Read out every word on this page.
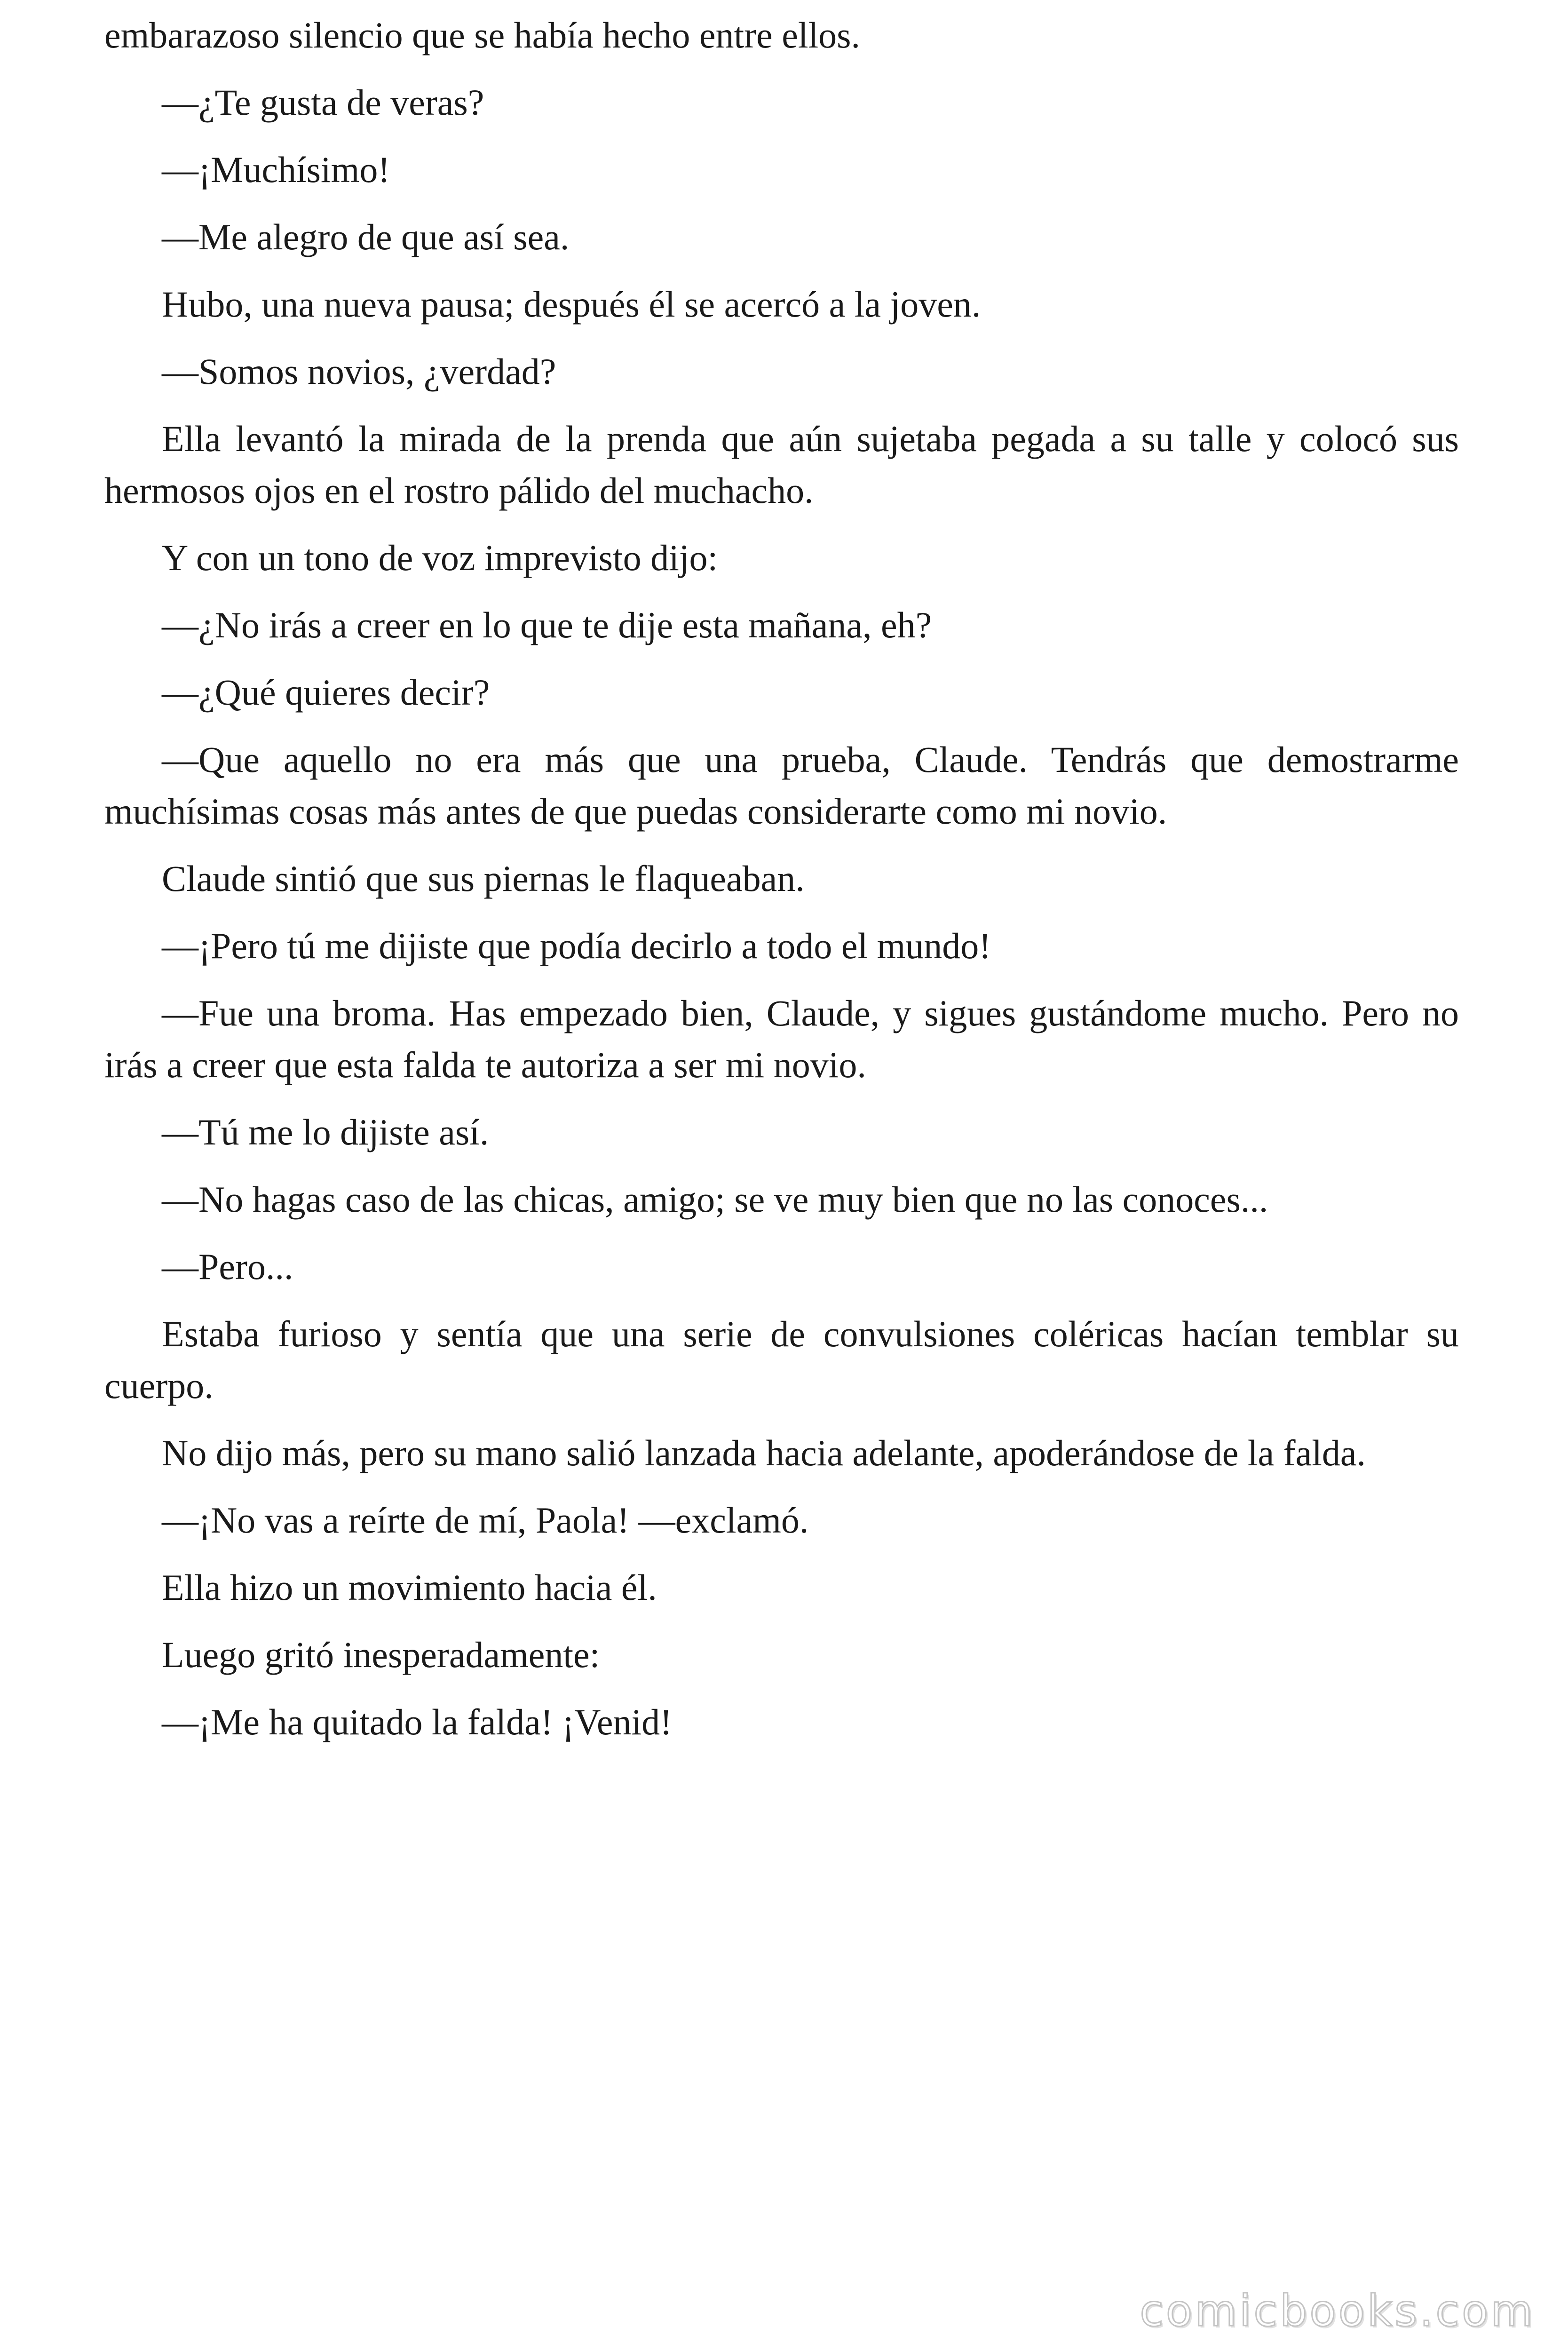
embarazoso silencio que se había hecho entre ellos.

—¿Te gusta de veras?

—¡Muchísimo!

—Me alegro de que así sea.

Hubo, una nueva pausa; después él se acercó a la joven.

—Somos novios, ¿verdad?

Ella levantó la mirada de la prenda que aún sujetaba pegada a su talle y colocó sus hermosos ojos en el rostro pálido del muchacho.

Y con un tono de voz imprevisto dijo:

—¿No irás a creer en lo que te dije esta mañana, eh?

—¿Qué quieres decir?

—Que aquello no era más que una prueba, Claude. Tendrás que demostrarme muchísimas cosas más antes de que puedas considerarte como mi novio.

Claude sintió que sus piernas le flaqueaban.

—¡Pero tú me dijiste que podía decirlo a todo el mundo!

—Fue una broma. Has empezado bien, Claude, y sigues gustándome mucho. Pero no irás a creer que esta falda te autoriza a ser mi novio.

—Tú me lo dijiste así.

—No hagas caso de las chicas, amigo; se ve muy bien que no las conoces...

—Pero...

Estaba furioso y sentía que una serie de convulsiones coléricas hacían temblar su cuerpo.

No dijo más, pero su mano salió lanzada hacia adelante, apoderándose de la falda.

—¡No vas a reírte de mí, Paola! —exclamó.

Ella hizo un movimiento hacia él.

Luego gritó inesperadamente:

—¡Me ha quitado la falda! ¡Venid!

comicbooks.com
